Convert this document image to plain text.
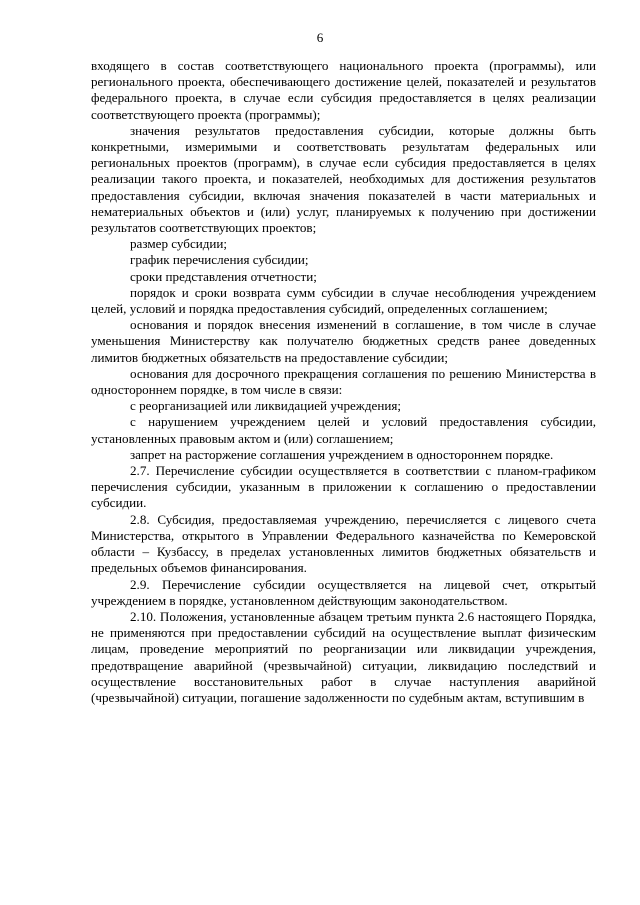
6

входящего в состав соответствующего национального проекта (программы), или регионального проекта, обеспечивающего достижение целей, показателей и результатов федерального проекта, в случае если субсидия предоставляется в целях реализации соответствующего проекта (программы);

значения результатов предоставления субсидии, которые должны быть конкретными, измеримыми и соответствовать результатам федеральных или региональных проектов (программ), в случае если субсидия предоставляется в целях реализации такого проекта, и показателей, необходимых для достижения результатов предоставления субсидии, включая значения показателей в части материальных и нематериальных объектов и (или) услуг, планируемых к получению при достижении результатов соответствующих проектов;

размер субсидии;

график перечисления субсидии;

сроки представления отчетности;

порядок и сроки возврата сумм субсидии в случае несоблюдения учреждением целей, условий и порядка предоставления субсидий, определенных соглашением;

основания и порядок внесения изменений в соглашение, в том числе в случае уменьшения Министерству как получателю бюджетных средств ранее доведенных лимитов бюджетных обязательств на предоставление субсидии;

основания для досрочного прекращения соглашения по решению Министерства в одностороннем порядке, в том числе в связи:

с реорганизацией или ликвидацией учреждения;

с нарушением учреждением целей и условий предоставления субсидии, установленных правовым актом и (или) соглашением;

запрет на расторжение соглашения учреждением в одностороннем порядке.

2.7. Перечисление субсидии осуществляется в соответствии с планом-графиком перечисления субсидии, указанным в приложении к соглашению о предоставлении субсидии.

2.8. Субсидия, предоставляемая учреждению, перечисляется с лицевого счета Министерства, открытого в Управлении Федерального казначейства по Кемеровской области – Кузбассу, в пределах установленных лимитов бюджетных обязательств и предельных объемов финансирования.

2.9. Перечисление субсидии осуществляется на лицевой счет, открытый учреждением в порядке, установленном действующим законодательством.

2.10. Положения, установленные абзацем третьим пункта 2.6 настоящего Порядка, не применяются при предоставлении субсидий на осуществление выплат физическим лицам, проведение мероприятий по реорганизации или ликвидации учреждения, предотвращение аварийной (чрезвычайной) ситуации, ликвидацию последствий и осуществление восстановительных работ в случае наступления аварийной (чрезвычайной) ситуации, погашение задолженности по судебным актам, вступившим в
